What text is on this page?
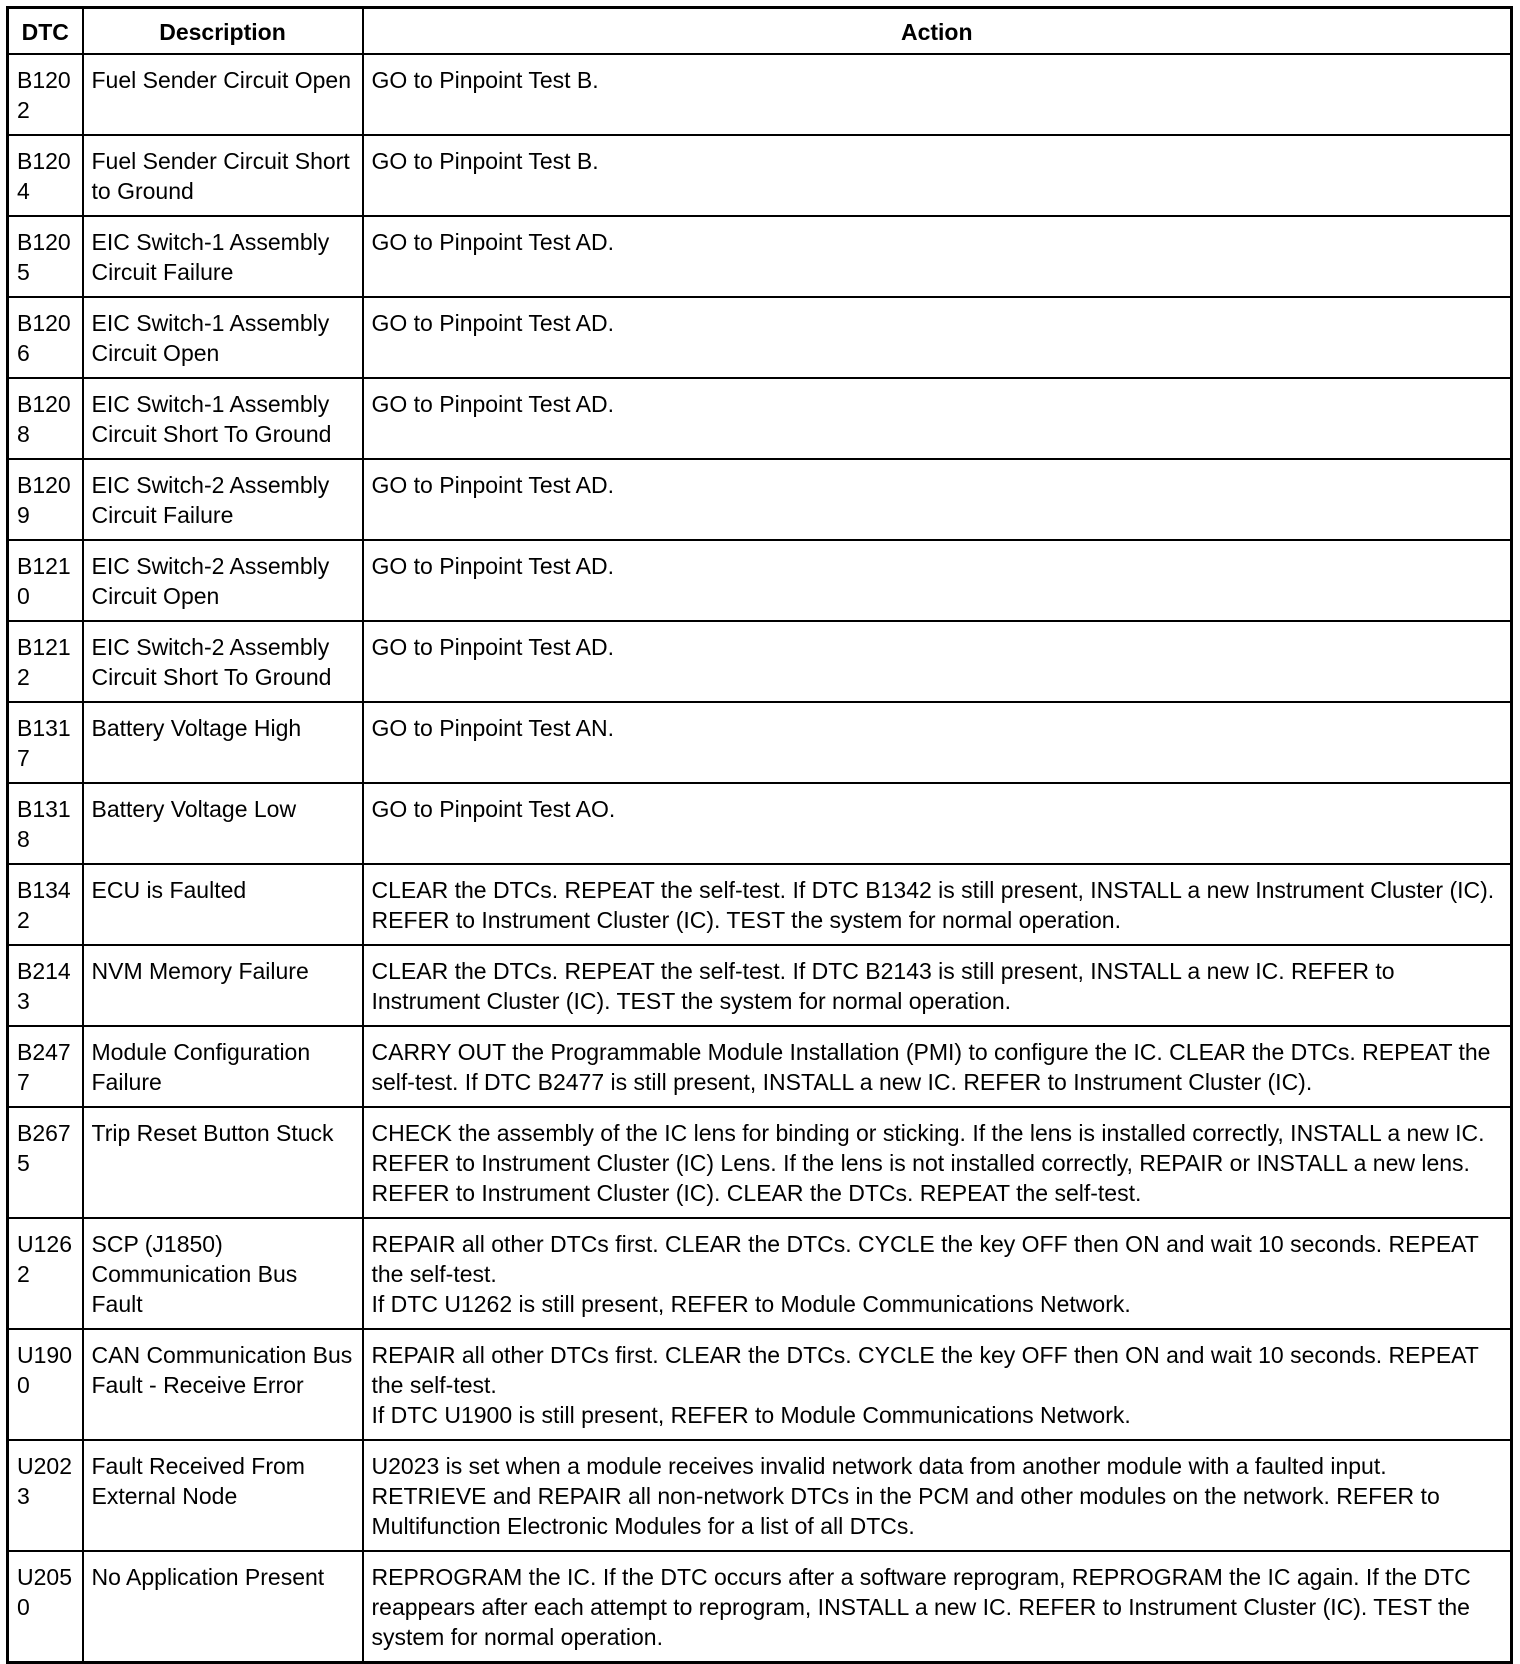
DTC	Description	Action
B1202	Fuel Sender Circuit Open	GO to Pinpoint Test B.

B1204	Fuel Sender Circuit Short to Ground	GO to Pinpoint Test B.

B1205	EIC Switch-1 Assembly Circuit Failure	GO to Pinpoint Test AD.

B1206	EIC Switch-1 Assembly Circuit Open	GO to Pinpoint Test AD.

B1208	EIC Switch-1 Assembly Circuit Short To Ground	GO to Pinpoint Test AD.

B1209	EIC Switch-2 Assembly Circuit Failure	GO to Pinpoint Test AD.

B1210	EIC Switch-2 Assembly Circuit Open	GO to Pinpoint Test AD.

B1212	EIC Switch-2 Assembly Circuit Short To Ground	GO to Pinpoint Test AD.

B1317	Battery Voltage High	GO to Pinpoint Test AN.

B1318	Battery Voltage Low	GO to Pinpoint Test AO.

B1342	ECU is Faulted	CLEAR the DTCs. REPEAT the self-test. If DTC B1342 is still present, INSTALL a new Instrument Cluster (IC). REFER to Instrument Cluster (IC). TEST the system for normal operation.

B2143	NVM Memory Failure	CLEAR the DTCs. REPEAT the self-test. If DTC B2143 is still present, INSTALL a new IC. REFER to Instrument Cluster (IC). TEST the system for normal operation.

B2477	Module Configuration Failure	CARRY OUT the Programmable Module Installation (PMI) to configure the IC. CLEAR the DTCs. REPEAT the self-test. If DTC B2477 is still present, INSTALL a new IC. REFER to Instrument Cluster (IC).

B2675	Trip Reset Button Stuck	CHECK the assembly of the IC lens for binding or sticking. If the lens is installed correctly, INSTALL a new IC. REFER to Instrument Cluster (IC) Lens. If the lens is not installed correctly, REPAIR or INSTALL a new lens. REFER to Instrument Cluster (IC). CLEAR the DTCs. REPEAT the self-test.

U1262	SCP (J1850) Communication Bus Fault	REPAIR all other DTCs first. CLEAR the DTCs. CYCLE the key OFF then ON and wait 10 seconds. REPEAT the self-test.
If DTC U1262 is still present, REFER to Module Communications Network.

U1900	CAN Communication Bus Fault - Receive Error	REPAIR all other DTCs first. CLEAR the DTCs. CYCLE the key OFF then ON and wait 10 seconds. REPEAT the self-test.
If DTC U1900 is still present, REFER to Module Communications Network.

U2023	Fault Received From External Node	U2023 is set when a module receives invalid network data from another module with a faulted input. RETRIEVE and REPAIR all non-network DTCs in the PCM and other modules on the network. REFER to Multifunction Electronic Modules for a list of all DTCs.

U2050	No Application Present	REPROGRAM the IC. If the DTC occurs after a software reprogram, REPROGRAM the IC again. If the DTC reappears after each attempt to reprogram, INSTALL a new IC. REFER to Instrument Cluster (IC). TEST the system for normal operation.
